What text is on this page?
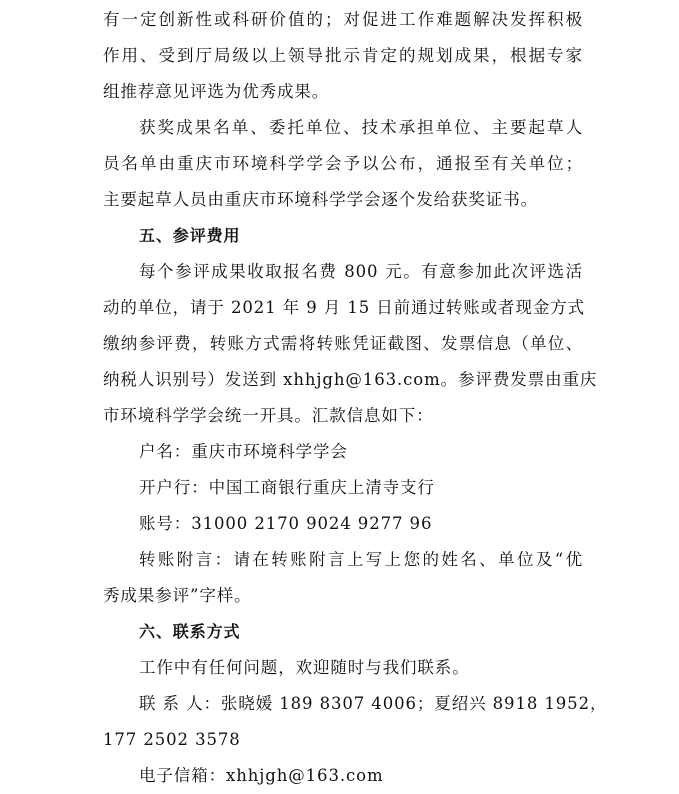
有一定创新性或科研价值的；对促进工作难题解决发挥积极
作用、受到厅局级以上领导批示肯定的规划成果，根据专家
组推荐意见评选为优秀成果。
获奖成果名单、委托单位、技术承担单位、主要起草人
员名单由重庆市环境科学学会予以公布，通报至有关单位；
主要起草人员由重庆市环境科学学会逐个发给获奖证书。
五、参评费用
每个参评成果收取报名费 800 元。有意参加此次评选活
动的单位，请于 2021 年 9 月 15 日前通过转账或者现金方式
缴纳参评费，转账方式需将转账凭证截图、发票信息（单位、
纳税人识别号）发送到 xhhjgh@163.com。参评费发票由重庆
市环境科学学会统一开具。汇款信息如下：
户名：重庆市环境科学学会
开户行：中国工商银行重庆上清寺支行
账号：31000 2170 9024 9277 96
转账附言：请在转账附言上写上您的姓名、单位及“优
秀成果参评”字样。
六、联系方式
工作中有任何问题，欢迎随时与我们联系。
联 系 人：张晓媛 189 8307 4006；夏绍兴 8918 1952，
177 2502 3578
电子信箱：xhhjgh@163.com
